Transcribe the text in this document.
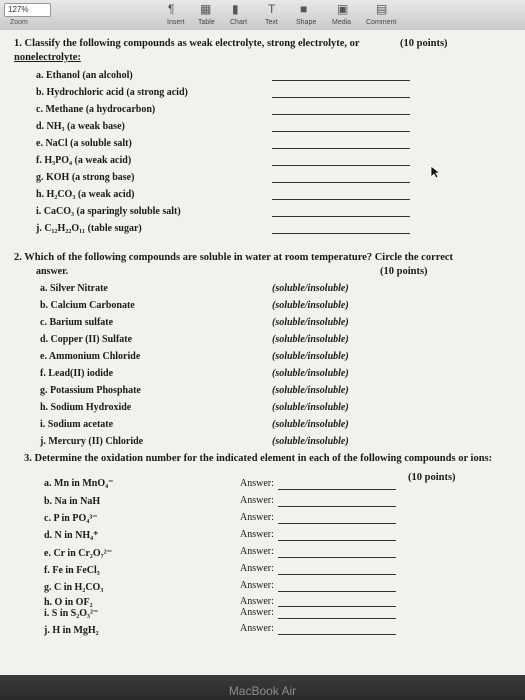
127%
Zoom
¶
Insert
▦
Table
▮
Chart
T
Text
■
Shape
▣
Media
▤
Comment
1. Classify the following compounds as weak electrolyte, strong electrolyte, or	(10 points)
nonelectrolyte:
a. Ethanol (an alcohol)
b. Hydrochloric acid (a strong acid)
c. Methane (a hydrocarbon)
d. NH₃ (a weak base)
e. NaCl (a soluble salt)
f. H₃PO₄ (a weak acid)
g. KOH (a strong base)
h. H₂CO₃ (a weak acid)
i. CaCO₃ (a sparingly soluble salt)
j. C₁₂H₂₂O₁₁ (table sugar)
2. Which of the following compounds are soluble in water at room temperature? Circle the correct
answer.	(10 points)
a. Silver Nitrate
b. Calcium Carbonate
c. Barium sulfate
d. Copper (II) Sulfate
e. Ammonium Chloride
f. Lead(II) iodide
g. Potassium Phosphate
h. Sodium Hydroxide
i. Sodium acetate
j. Mercury (II) Chloride
(soluble/insoluble)
(soluble/insoluble)
(soluble/insoluble)
(soluble/insoluble)
(soluble/insoluble)
(soluble/insoluble)
(soluble/insoluble)
(soluble/insoluble)
(soluble/insoluble)
(soluble/insoluble)
3. Determine the oxidation number for the indicated element in each of the following compounds or ions:
(10 points)
a. Mn in MnO₄⁻
b. Na in NaH
c. P in PO₄³⁻
d. N in NH₄⁺
e. Cr in Cr₂O₇²⁻
f. Fe in FeCl₃
g. C in H₂CO₃
h. O in OF₂
i. S in S₂O₃²⁻
j. H in MgH₂
Answer:
Answer:
Answer:
Answer:
Answer:
Answer:
Answer:
Answer:
Answer:
Answer:
MacBook Air
